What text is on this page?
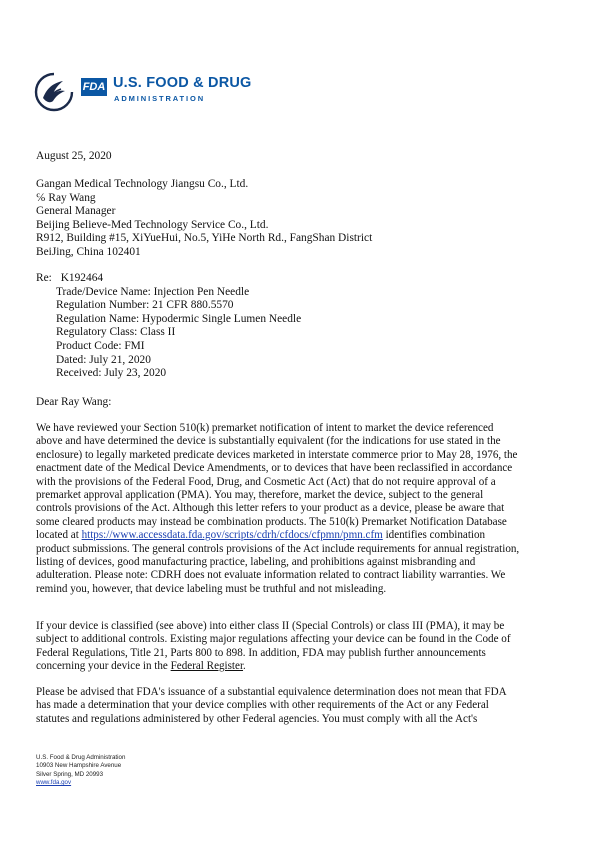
FDA U.S. FOOD & DRUG
ADMINISTRATION
August 25, 2020
Gangan Medical Technology Jiangsu Co., Ltd.
℅ Ray Wang
General Manager
Beijing Believe-Med Technology Service Co., Ltd.
R912, Building #15, XiYueHui, No.5, YiHe North Rd., FangShan District
BeiJing, China 102401
Re: K192464
Trade/Device Name: Injection Pen Needle
Regulation Number: 21 CFR 880.5570
Regulation Name: Hypodermic Single Lumen Needle
Regulatory Class: Class II
Product Code: FMI
Dated: July 21, 2020
Received: July 23, 2020
Dear Ray Wang:
We have reviewed your Section 510(k) premarket notification of intent to market the device referenced
above and have determined the device is substantially equivalent (for the indications for use stated in the
enclosure) to legally marketed predicate devices marketed in interstate commerce prior to May 28, 1976, the
enactment date of the Medical Device Amendments, or to devices that have been reclassified in accordance
with the provisions of the Federal Food, Drug, and Cosmetic Act (Act) that do not require approval of a
premarket approval application (PMA). You may, therefore, market the device, subject to the general
controls provisions of the Act. Although this letter refers to your product as a device, please be aware that
some cleared products may instead be combination products. The 510(k) Premarket Notification Database
located at https://www.accessdata.fda.gov/scripts/cdrh/cfdocs/cfpmn/pmn.cfm identifies combination
product submissions. The general controls provisions of the Act include requirements for annual registration,
listing of devices, good manufacturing practice, labeling, and prohibitions against misbranding and
adulteration. Please note: CDRH does not evaluate information related to contract liability warranties. We
remind you, however, that device labeling must be truthful and not misleading.
If your device is classified (see above) into either class II (Special Controls) or class III (PMA), it may be
subject to additional controls. Existing major regulations affecting your device can be found in the Code of
Federal Regulations, Title 21, Parts 800 to 898. In addition, FDA may publish further announcements
concerning your device in the Federal Register.
Please be advised that FDA's issuance of a substantial equivalence determination does not mean that FDA
has made a determination that your device complies with other requirements of the Act or any Federal
statutes and regulations administered by other Federal agencies. You must comply with all the Act's
U.S. Food & Drug Administration
10903 New Hampshire Avenue
Silver Spring, MD 20993
www.fda.gov
